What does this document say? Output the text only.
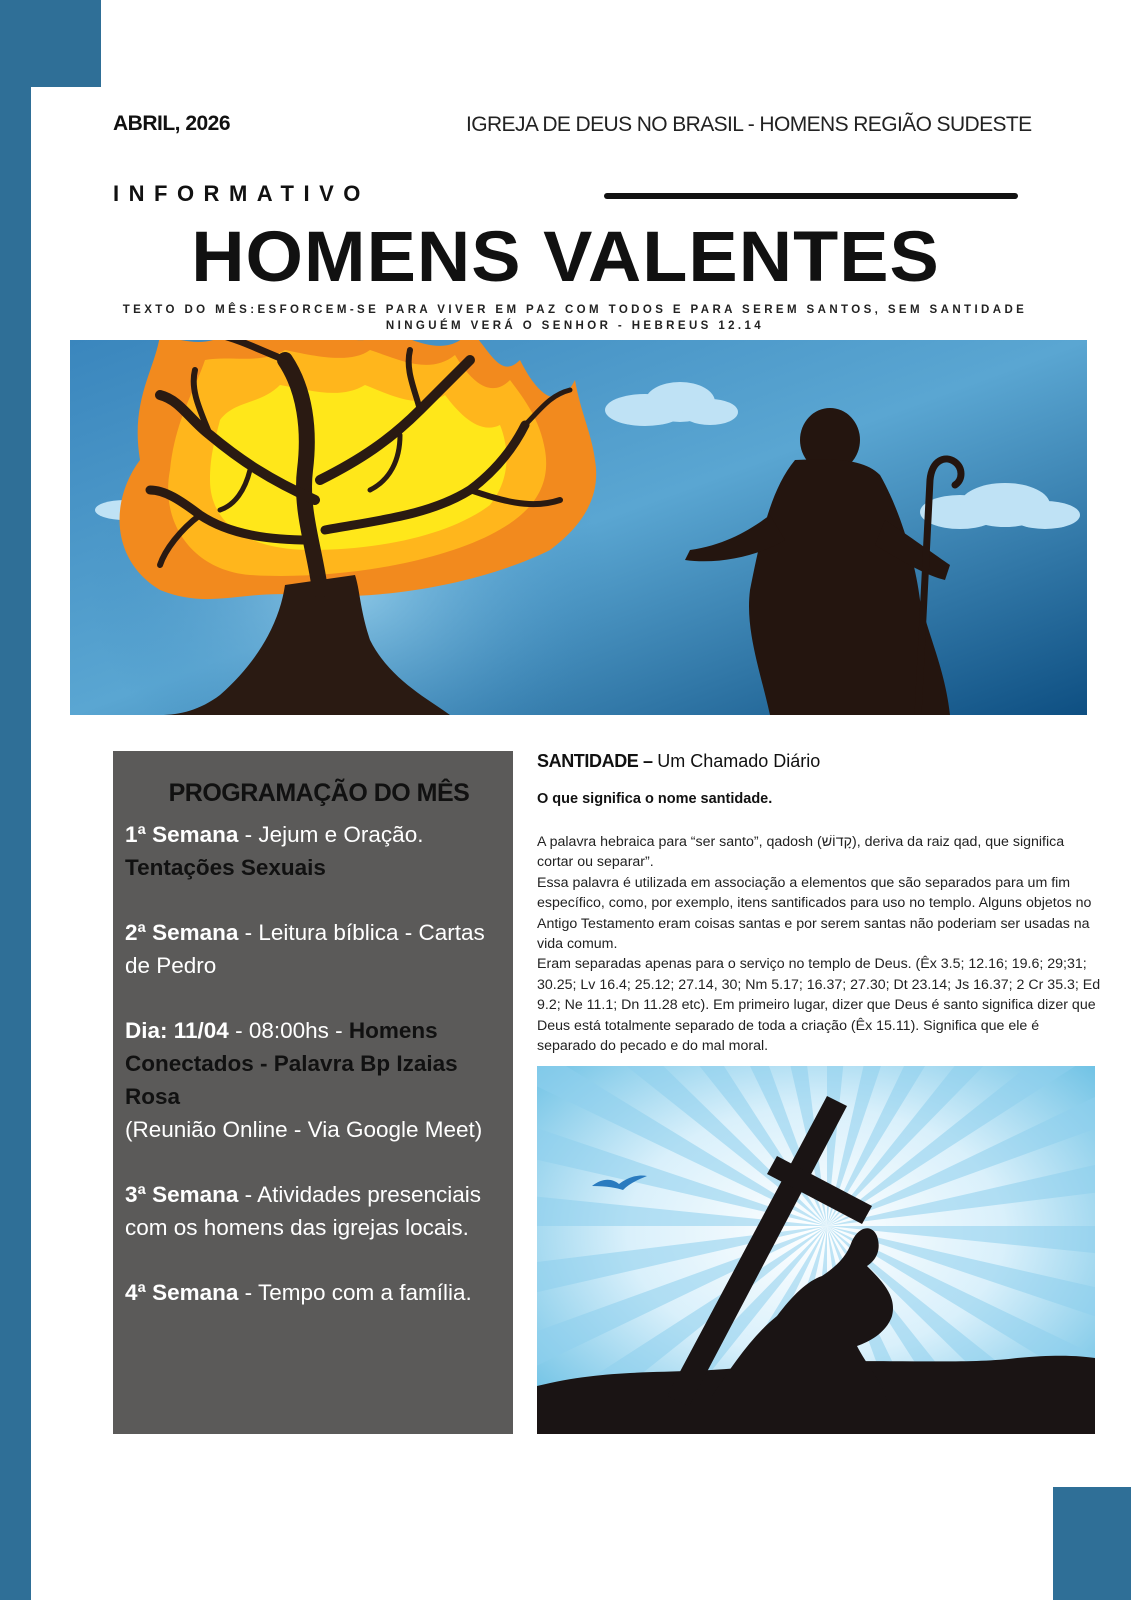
ABRIL, 2026	IGREJA DE DEUS NO BRASIL - HOMENS REGIÃO SUDESTE
INFORMATIVO
HOMENS VALENTES
TEXTO DO MÊS:ESFORCEM-SE PARA VIVER EM PAZ COM TODOS E PARA SEREM SANTOS, SEM SANTIDADE
NINGUÉM VERÁ O SENHOR - HEBREUS 12.14
PROGRAMAÇÃO DO MÊS
1ª Semana - Jejum e Oração.
Tentações Sexuais
2ª Semana - Leitura bíblica - Cartas de Pedro
Dia: 11/04 - 08:00hs - Homens Conectados - Palavra Bp Izaias Rosa
(Reunião Online - Via Google Meet)
3ª Semana - Atividades presenciais com os homens das igrejas locais.
4ª Semana - Tempo com a família.
SANTIDADE – Um Chamado Diário
O que significa o nome santidade.

A palavra hebraica para “ser santo”, qadosh (קָדוֹשׁ), deriva da raiz qad, que significa cortar ou separar”.

Essa palavra é utilizada em associação a elementos que são separados para um fim específico, como, por exemplo, itens santificados para uso no templo. Alguns objetos no Antigo Testamento eram coisas santas e por serem santas não poderiam ser usadas na vida comum.

Eram separadas apenas para o serviço no templo de Deus. (Êx 3.5; 12.16; 19.6; 29;31; 30.25; Lv 16.4; 25.12; 27.14, 30; Nm 5.17; 16.37; 27.30; Dt 23.14; Js 16.37; 2 Cr 35.3; Ed 9.2; Ne 11.1; Dn 11.28 etc). Em primeiro lugar, dizer que Deus é santo significa dizer que Deus está totalmente separado de toda a criação (Êx 15.11). Significa que ele é separado do pecado e do mal moral.
